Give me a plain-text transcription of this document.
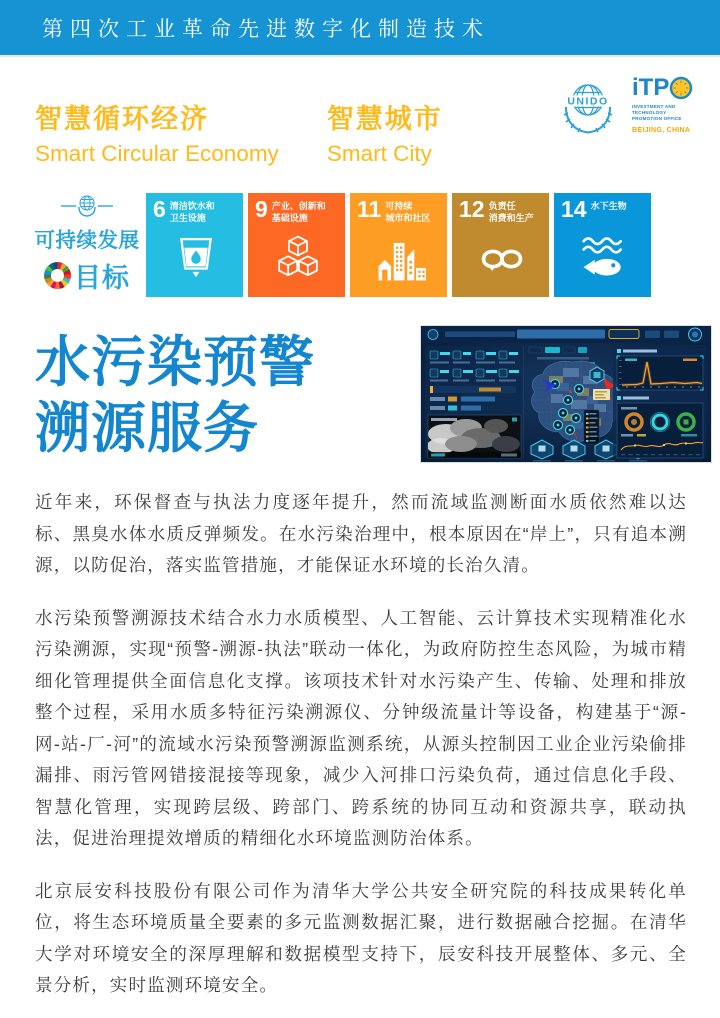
第四次工业革命先进数字化制造技术
智慧循环经济
Smart Circular Economy
智慧城市
Smart City
UNIDO
iTP
INVESTMENT AND TECHNOLOGY
PROMOTION OFFICE
BEIJING, CHINA
可持续发展
目标
6 清洁饮水和
卫生设施	9 产业、创新和
基础设施	11 可持续
城市和社区 12 负责任
消费和生产 14 水下生物
水污染预警
溯源服务

近年来，环保督查与执法力度逐年提升，然而流域监测断面水质依然难以达标、黑臭水体水质反弹频发。在水污染治理中，根本原因在“岸上”，只有追本溯源，以防促治，落实监管措施，才能保证水环境的长治久清。

水污染预警溯源技术结合水力水质模型、人工智能、云计算技术实现精准化水污染溯源，实现“预警-溯源-执法”联动一体化，为政府防控生态风险，为城市精细化管理提供全面信息化支撑。该项技术针对水污染产生、传输、处理和排放整个过程，采用水质多特征污染溯源仪、分钟级流量计等设备，构建基于“源-网-站-厂-河”的流域水污染预警溯源监测系统，从源头控制因工业企业污染偷排漏排、雨污管网错接混接等现象，减少入河排口污染负荷，通过信息化手段、智慧化管理，实现跨层级、跨部门、跨系统的协同互动和资源共享，联动执法，促进治理提效增质的精细化水环境监测防治体系。

北京辰安科技股份有限公司作为清华大学公共安全研究院的科技成果转化单位，将生态环境质量全要素的多元监测数据汇聚，进行数据融合挖掘。在清华大学对环境安全的深厚理解和数据模型支持下，辰安科技开展整体、多元、全景分析，实时监测环境安全。
